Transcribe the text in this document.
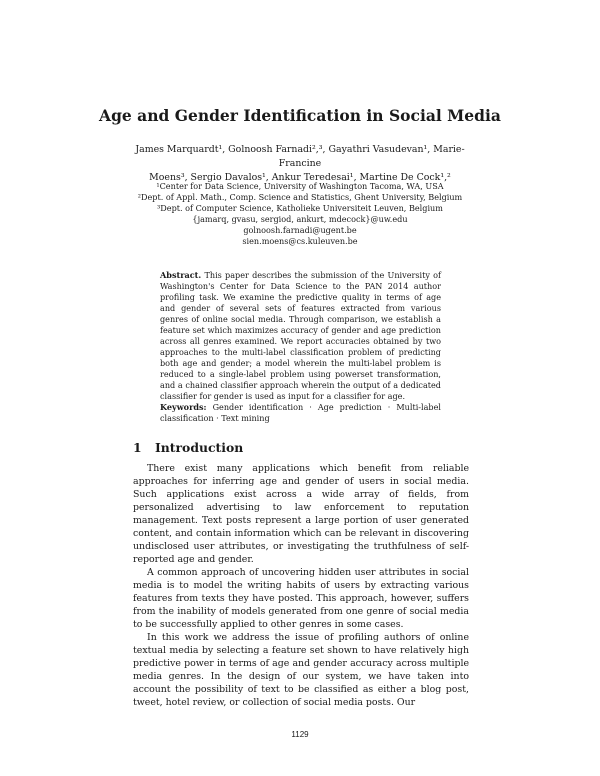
Age and Gender Identification in Social Media
James Marquardt¹, Golnoosh Farnadi²,³, Gayathri Vasudevan¹, Marie-Francine
Moens³, Sergio Davalos¹, Ankur Teredesai¹, Martine De Cock¹,²
¹Center for Data Science, University of Washington Tacoma, WA, USA
²Dept. of Appl. Math., Comp. Science and Statistics, Ghent University, Belgium
³Dept. of Computer Science, Katholieke Universiteit Leuven, Belgium
{jamarq, gvasu, sergiod, ankurt, mdecock}@uw.edu
golnoosh.farnadi@ugent.be
sien.moens@cs.kuleuven.be
Abstract. This paper describes the submission of the University of Washington's Center for Data Science to the PAN 2014 author profiling task. We examine the predictive quality in terms of age and gender of several sets of features extracted from various genres of online social media. Through comparison, we establish a feature set which maximizes accuracy of gender and age prediction across all genres examined. We report accuracies obtained by two approaches to the multi-label classification problem of predicting both age and gender; a model wherein the multi-label problem is reduced to a single-label problem using powerset transformation, and a chained classifier approach wherein the output of a dedicated classifier for gender is used as input for a classifier for age.
Keywords: Gender identification · Age prediction · Multi-label classification · Text mining
1 Introduction

There exist many applications which benefit from reliable approaches for inferring age and gender of users in social media. Such applications exist across a wide array of fields, from personalized advertising to law enforcement to reputation management. Text posts represent a large portion of user generated content, and contain information which can be relevant in discovering undisclosed user attributes, or investigating the truthfulness of self-reported age and gender.

A common approach of uncovering hidden user attributes in social media is to model the writing habits of users by extracting various features from texts they have posted. This approach, however, suffers from the inability of models generated from one genre of social media to be successfully applied to other genres in some cases.

In this work we address the issue of profiling authors of online textual media by selecting a feature set shown to have relatively high predictive power in terms of age and gender accuracy across multiple media genres. In the design of our system, we have taken into account the possibility of text to be classified as either a blog post, tweet, hotel review, or collection of social media posts. Our

1129
